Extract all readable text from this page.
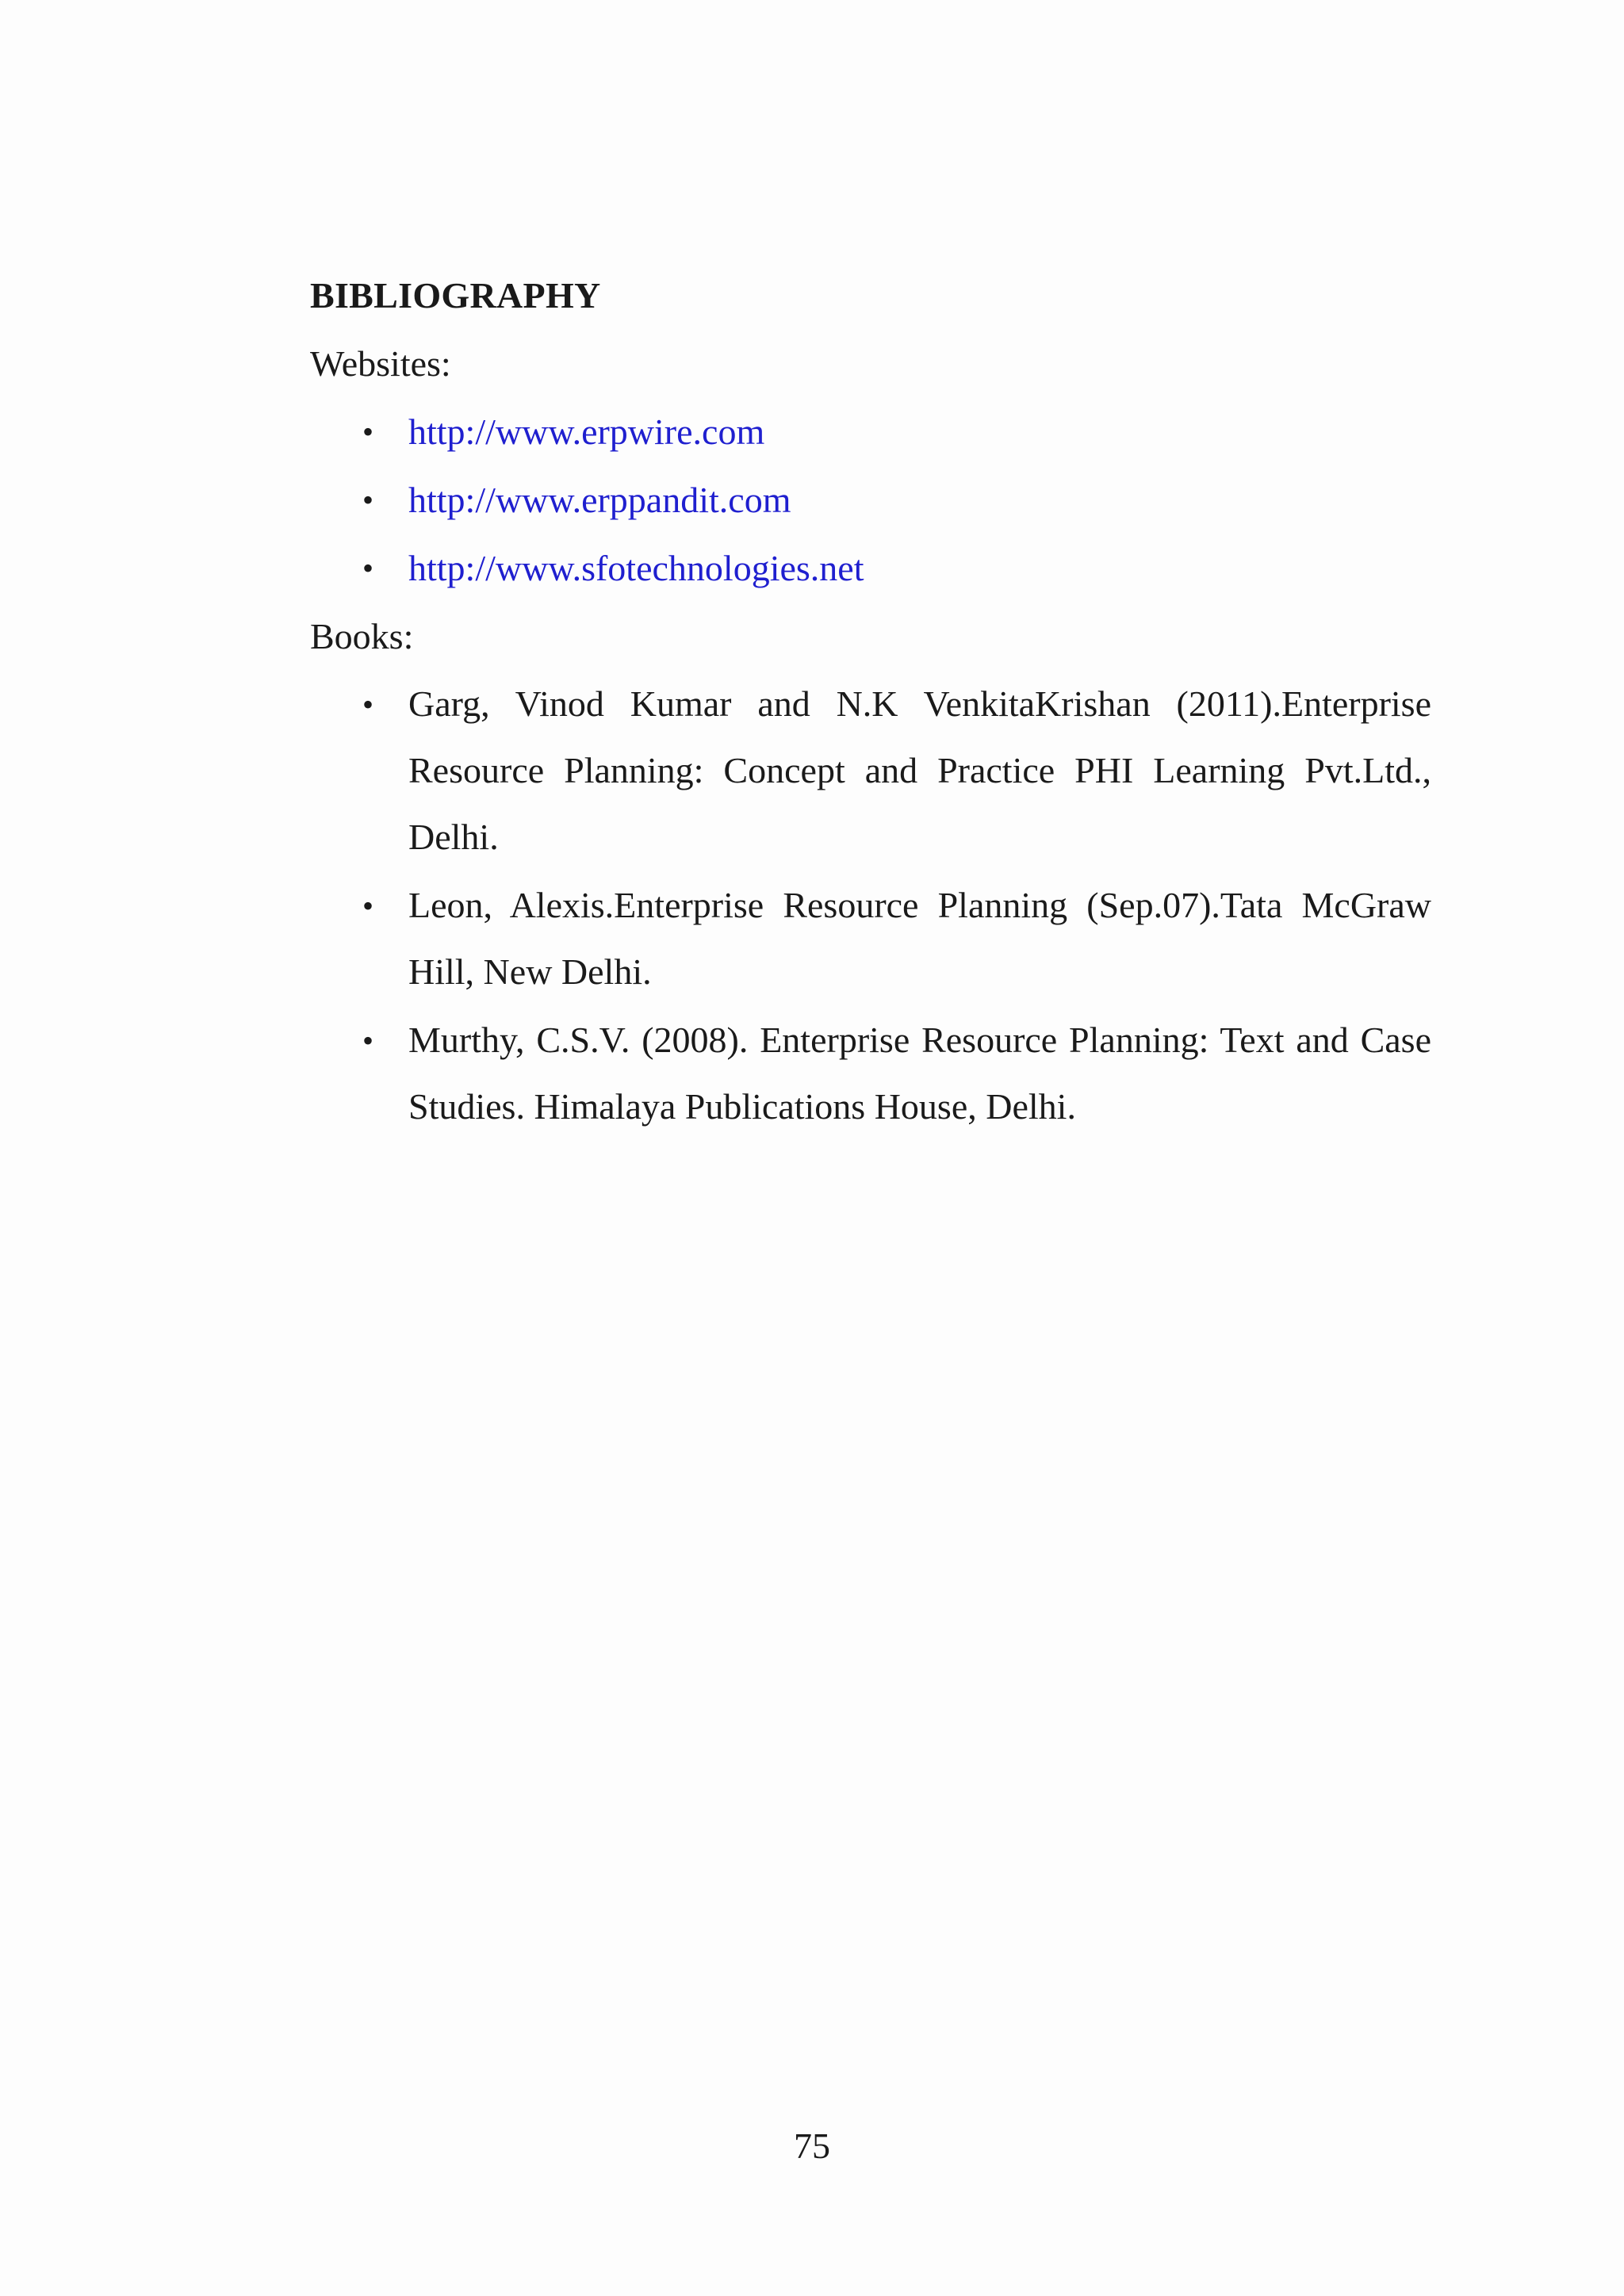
BIBLIOGRAPHY

Websites:

• http://www.erpwire.com
• http://www.erppandit.com
• http://www.sfotechnologies.net

Books:

• Garg, Vinod Kumar and N.K VenkitaKrishan (2011).Enterprise Resource Planning: Concept and Practice PHI Learning Pvt.Ltd., Delhi.
• Leon, Alexis.Enterprise Resource Planning (Sep.07).Tata McGraw Hill, New Delhi.
• Murthy, C.S.V. (2008). Enterprise Resource Planning: Text and Case Studies. Himalaya Publications House, Delhi.
75
